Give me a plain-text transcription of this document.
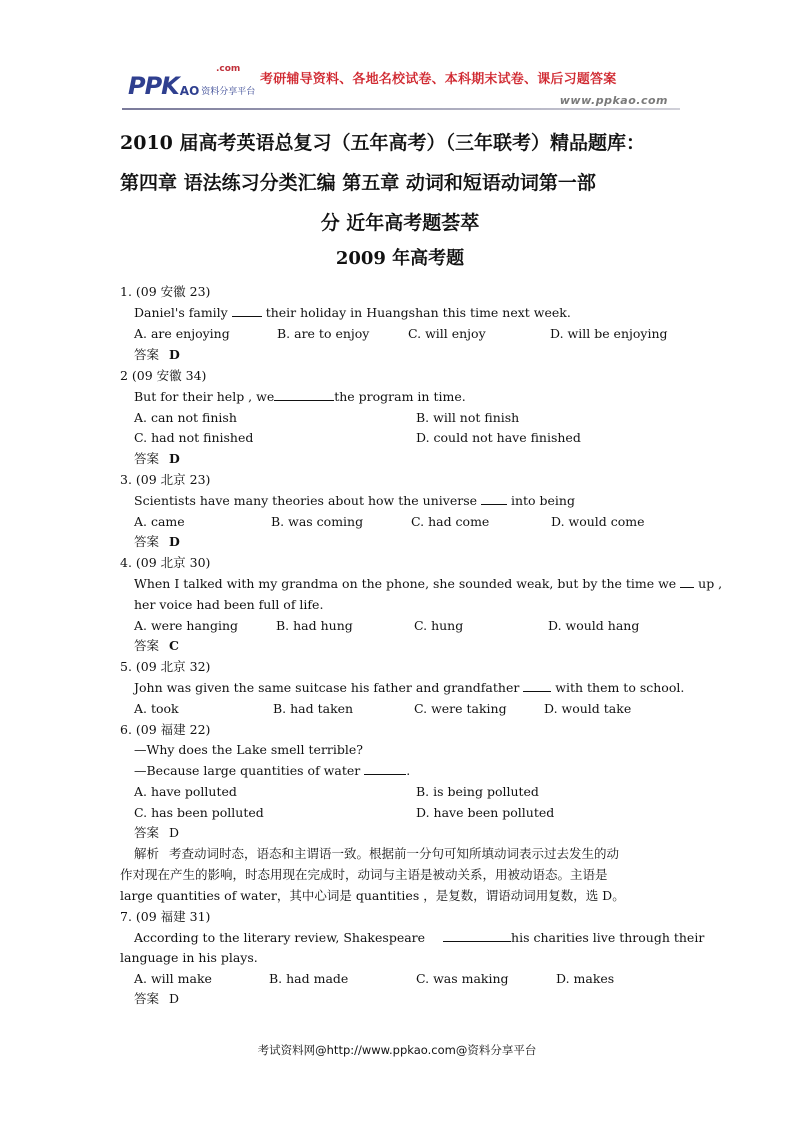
PPK AO
.com
资料分享平台
考研辅导资料、各地名校试卷、本科期末试卷、课后习题答案
www.ppkao.com
2010 届高考英语总复习（五年高考）（三年联考）精品题库：
第四章 语法练习分类汇编 第五章 动词和短语动词第一部
分 近年高考题荟萃
2009 年高考题
1. (09 安徽 23)
Daniel's family  their holiday in Huangshan this time next week.
A. are enjoying	B. are to enjoy	C. will enjoy	D. will be enjoying
答案 D
2 (09 安徽 34)
But for their help , we	the program in time.
A. can not finish	B. will not finish
C. had not finished	D. could not have finished
答案 D
3. (09 北京 23)
Scientists have many theories about how the universe  into being
A. came	B. was coming	C. had come	D. would come
答案 D
4. (09 北京 30)
When I talked with my grandma on the phone, she sounded weak, but by the time we  up ,
her voice had been full of life.
A. were hanging	B. had hung	C. hung	D. would hang
答案 C
5. (09 北京 32)
John was given the same suitcase his father and grandfather  with them to school.
A. took	B. had taken	C. were taking	D. would take
6. (09 福建 22)
—Why does the Lake smell terrible?
—Because large quantities of water	.
A. have polluted	B. is being polluted
C. has been polluted	D. have been polluted
答案 D
解析 考查动词时态，语态和主谓语一致。根据前一分句可知所填动词表示过去发生的动
作对现在产生的影响，时态用现在完成时，动词与主语是被动关系，用被动语态。主语是
large quantities of water，其中心词是 quantities ，是复数，谓语动词用复数，选 D。
7. (09 福建 31)
According to the literary review, Shakespeare	his charities live through their
language in his plays.
A. will make	B. had made	C. was making	D. makes
答案 D
考试资料网@http://www.ppkao.com@资料分享平台
